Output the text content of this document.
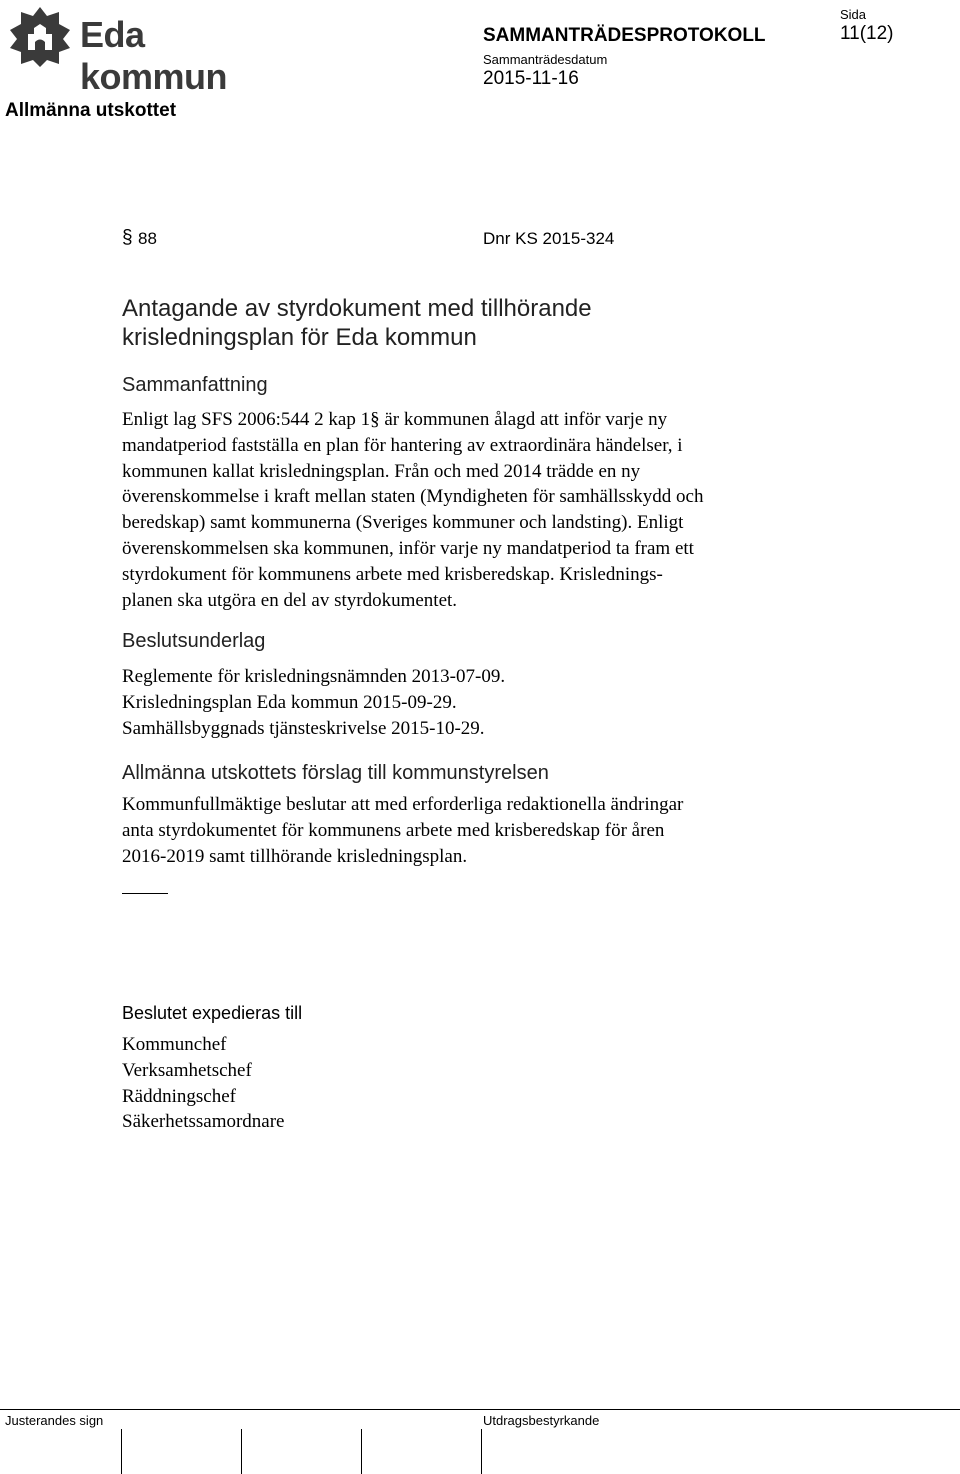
Eda kommun
SAMMANTRÄDESPROTOKOLL
Sammanträdesdatum
2015-11-16
Sida
11(12)
Allmänna utskottet
§ 88	Dnr KS 2015-324
Antagande av styrdokument med tillhörande
krisledningsplan för Eda kommun
Sammanfattning
Enligt lag SFS 2006:544 2 kap 1§ är kommunen ålagd att inför varje ny
mandatperiod fastställa en plan för hantering av extraordinära händelser, i
kommunen kallat krisledningsplan. Från och med 2014 trädde en ny
överenskommelse i kraft mellan staten (Myndigheten för samhällsskydd och
beredskap) samt kommunerna (Sveriges kommuner och landsting). Enligt
överenskommelsen ska kommunen, inför varje ny mandatperiod ta fram ett
styrdokument för kommunens arbete med krisberedskap. Krislednings-
planen ska utgöra en del av styrdokumentet.
Beslutsunderlag
Reglemente för krisledningsnämnden 2013-07-09.
Krisledningsplan Eda kommun 2015-09-29.
Samhällsbyggnads tjänsteskrivelse 2015-10-29.
Allmänna utskottets förslag till kommunstyrelsen
Kommunfullmäktige beslutar att med erforderliga redaktionella ändringar
anta styrdokumentet för kommunens arbete med krisberedskap för åren
2016-2019 samt tillhörande krisledningsplan.
Beslutet expedieras till
Kommunchef
Verksamhetschef
Räddningschef
Säkerhetssamordnare
Justerandes sign	Utdragsbestyrkande
